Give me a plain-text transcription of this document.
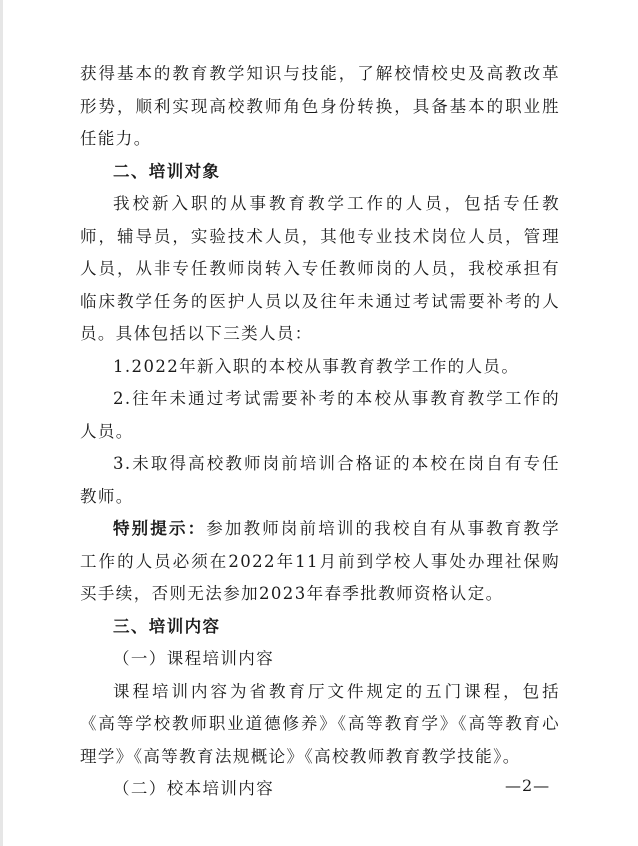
获得基本的教育教学知识与技能，了解校情校史及高教改革形势，顺利实现高校教师角色身份转换，具备基本的职业胜任能力。

二、培训对象

我校新入职的从事教育教学工作的人员，包括专任教师，辅导员，实验技术人员，其他专业技术岗位人员，管理人员，从非专任教师岗转入专任教师岗的人员，我校承担有临床教学任务的医护人员以及往年未通过考试需要补考的人员。具体包括以下三类人员：

1.2022年新入职的本校从事教育教学工作的人员。

2.往年未通过考试需要补考的本校从事教育教学工作的人员。

3.未取得高校教师岗前培训合格证的本校在岗自有专任教师。

特别提示：参加教师岗前培训的我校自有从事教育教学工作的人员必须在2022年11月前到学校人事处办理社保购买手续，否则无法参加2023年春季批教师资格认定。

三、培训内容

（一）课程培训内容

课程培训内容为省教育厅文件规定的五门课程，包括《高等学校教师职业道德修养》《高等教育学》《高等教育心理学》《高等教育法规概论》《高校教师教育教学技能》。

（二）校本培训内容	—2—
